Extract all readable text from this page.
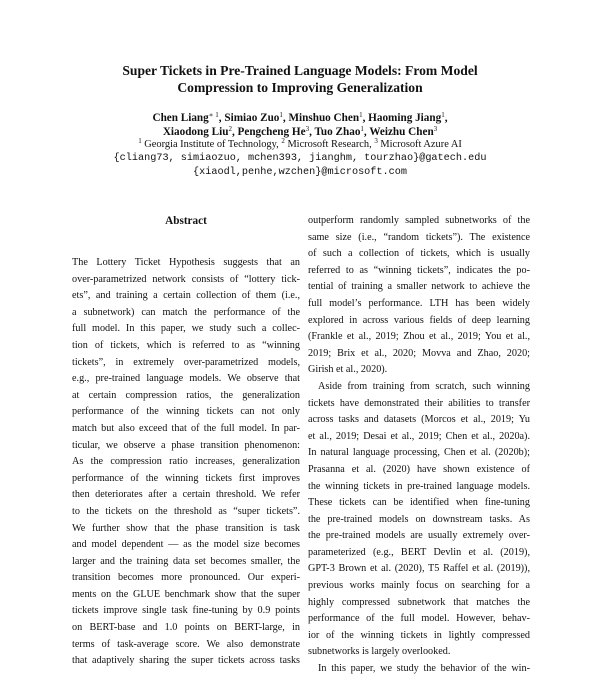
Super Tickets in Pre-Trained Language Models: From Model
Compression to Improving Generalization
Chen Liang$^{∗ 1}$, Simiao Zuo$^1$, Minshuo Chen$^1$, Haoming Jiang$^1$,
Xiaodong Liu$^2$, Pengcheng He$^3$, Tuo Zhao$^1$, Weizhu Chen$^3$
$^1$ Georgia Institute of Technology, $^2$ Microsoft Research, $^3$ Microsoft Azure AI
{cliang73, simiaozuo, mchen393, jianghm, tourzhao}@gatech.edu
{xiaodl,penhe,wzchen}@microsoft.com
Abstract
The Lottery Ticket Hypothesis suggests that an
over-parametrized network consists of “lottery tick-
ets”, and training a certain collection of them (i.e.,
a subnetwork) can match the performance of the
full model. In this paper, we study such a collec-
tion of tickets, which is referred to as “winning
tickets”, in extremely over-parametrized models,
e.g., pre-trained language models. We observe that
at certain compression ratios, the generalization
performance of the winning tickets can not only
match but also exceed that of the full model. In par-
ticular, we observe a phase transition phenomenon:
As the compression ratio increases, generalization
performance of the winning tickets first improves
then deteriorates after a certain threshold. We refer
to the tickets on the threshold as “super tickets”.
We further show that the phase transition is task
and model dependent — as the model size becomes
larger and the training data set becomes smaller, the
transition becomes more pronounced. Our experi-
ments on the GLUE benchmark show that the super
tickets improve single task fine-tuning by 0.9 points
on BERT-base and 1.0 points on BERT-large, in
terms of task-average score. We also demonstrate
that adaptively sharing the super tickets across tasks
outperform randomly sampled subnetworks of the
same size (i.e., “random tickets”). The existence
of such a collection of tickets, which is usually
referred to as “winning tickets”, indicates the po-
tential of training a smaller network to achieve the
full model’s performance. LTH has been widely
explored in across various fields of deep learning
(Frankle et al., 2019; Zhou et al., 2019; You et al.,
2019; Brix et al., 2020; Movva and Zhao, 2020;
Girish et al., 2020).
Aside from training from scratch, such winning
tickets have demonstrated their abilities to transfer
across tasks and datasets (Morcos et al., 2019; Yu
et al., 2019; Desai et al., 2019; Chen et al., 2020a).
In natural language processing, Chen et al. (2020b);
Prasanna et al. (2020) have shown existence of
the winning tickets in pre-trained language models.
These tickets can be identified when fine-tuning
the pre-trained models on downstream tasks. As
the pre-trained models are usually extremely over-
parameterized (e.g., BERT Devlin et al. (2019),
GPT-3 Brown et al. (2020), T5 Raffel et al. (2019)),
previous works mainly focus on searching for a
highly compressed subnetwork that matches the
performance of the full model. However, behav-
ior of the winning tickets in lightly compressed
subnetworks is largely overlooked.
In this paper, we study the behavior of the win-
